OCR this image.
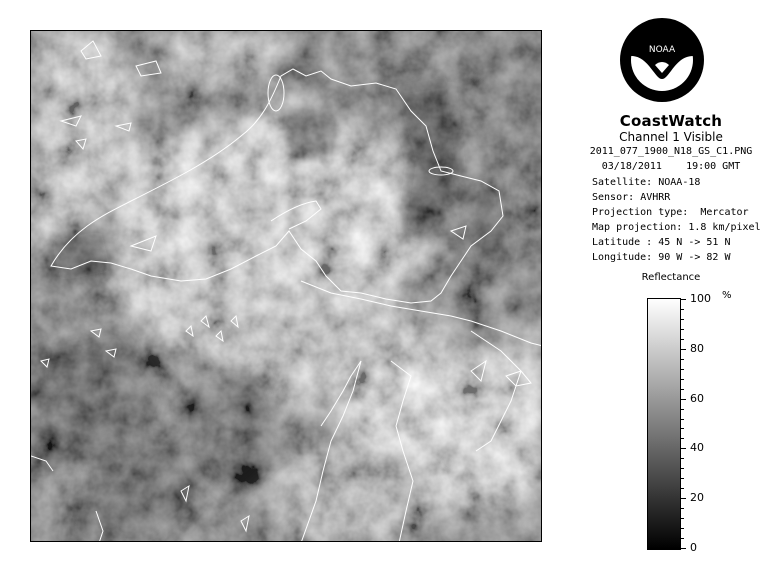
NOAA
CoastWatch
Channel 1 Visible
2011_077_1900_N18_GS_C1.PNG
03/18/2011 19:00 GMT
Satellite: NOAA-18
Sensor: AVHRR
Projection type: Mercator
Map projection: 1.8 km/pixel
Latitude : 45 N -> 51 N
Longitude: 90 W -> 82 W
Reflectance
%
0
20
40
60
80
100
